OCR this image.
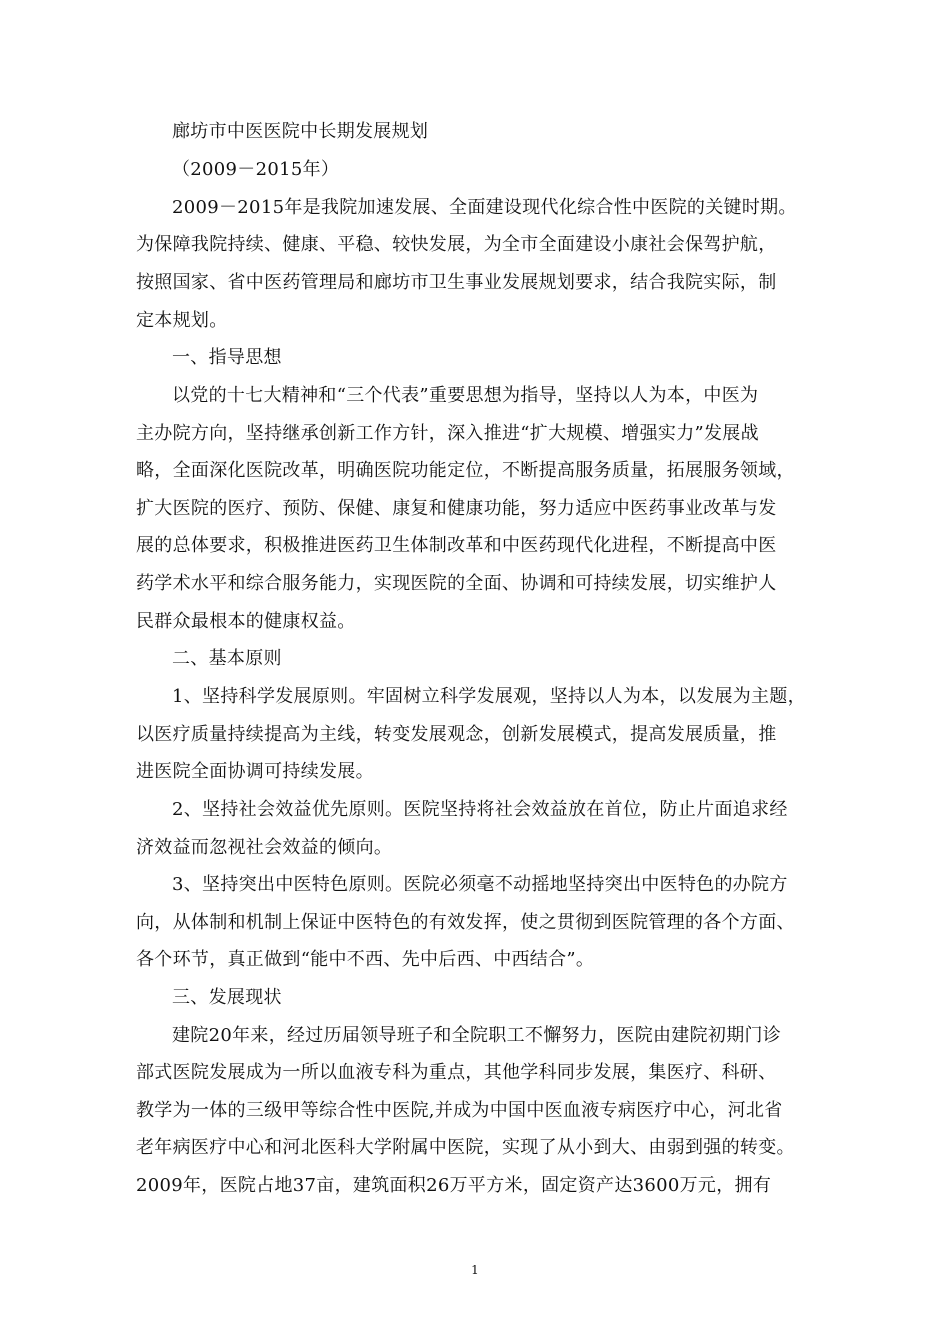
廊坊市中医医院中长期发展规划
（2009－2015年）
2009－2015年是我院加速发展、全面建设现代化综合性中医院的关键时期。
为保障我院持续、健康、平稳、较快发展，为全市全面建设小康社会保驾护航，
按照国家、省中医药管理局和廊坊市卫生事业发展规划要求，结合我院实际，制
定本规划。
一、指导思想
以党的十七大精神和“三个代表”重要思想为指导，坚持以人为本，中医为
主办院方向，坚持继承创新工作方针，深入推进“扩大规模、增强实力”发展战
略，全面深化医院改革，明确医院功能定位，不断提高服务质量，拓展服务领域，
扩大医院的医疗、预防、保健、康复和健康功能，努力适应中医药事业改革与发
展的总体要求，积极推进医药卫生体制改革和中医药现代化进程，不断提高中医
药学术水平和综合服务能力，实现医院的全面、协调和可持续发展，切实维护人
民群众最根本的健康权益。
二、基本原则
1、坚持科学发展原则。牢固树立科学发展观，坚持以人为本，以发展为主题，
以医疗质量持续提高为主线，转变发展观念，创新发展模式，提高发展质量，推
进医院全面协调可持续发展。
2、坚持社会效益优先原则。医院坚持将社会效益放在首位，防止片面追求经
济效益而忽视社会效益的倾向。
3、坚持突出中医特色原则。医院必须毫不动摇地坚持突出中医特色的办院方
向，从体制和机制上保证中医特色的有效发挥，使之贯彻到医院管理的各个方面、
各个环节，真正做到“能中不西、先中后西、中西结合”。
三、发展现状
建院20年来，经过历届领导班子和全院职工不懈努力，医院由建院初期门诊
部式医院发展成为一所以血液专科为重点，其他学科同步发展，集医疗、科研、
教学为一体的三级甲等综合性中医院,并成为中国中医血液专病医疗中心，河北省
老年病医疗中心和河北医科大学附属中医院，实现了从小到大、由弱到强的转变。
2009年，医院占地37亩，建筑面积26万平方米，固定资产达3600万元，拥有
1
